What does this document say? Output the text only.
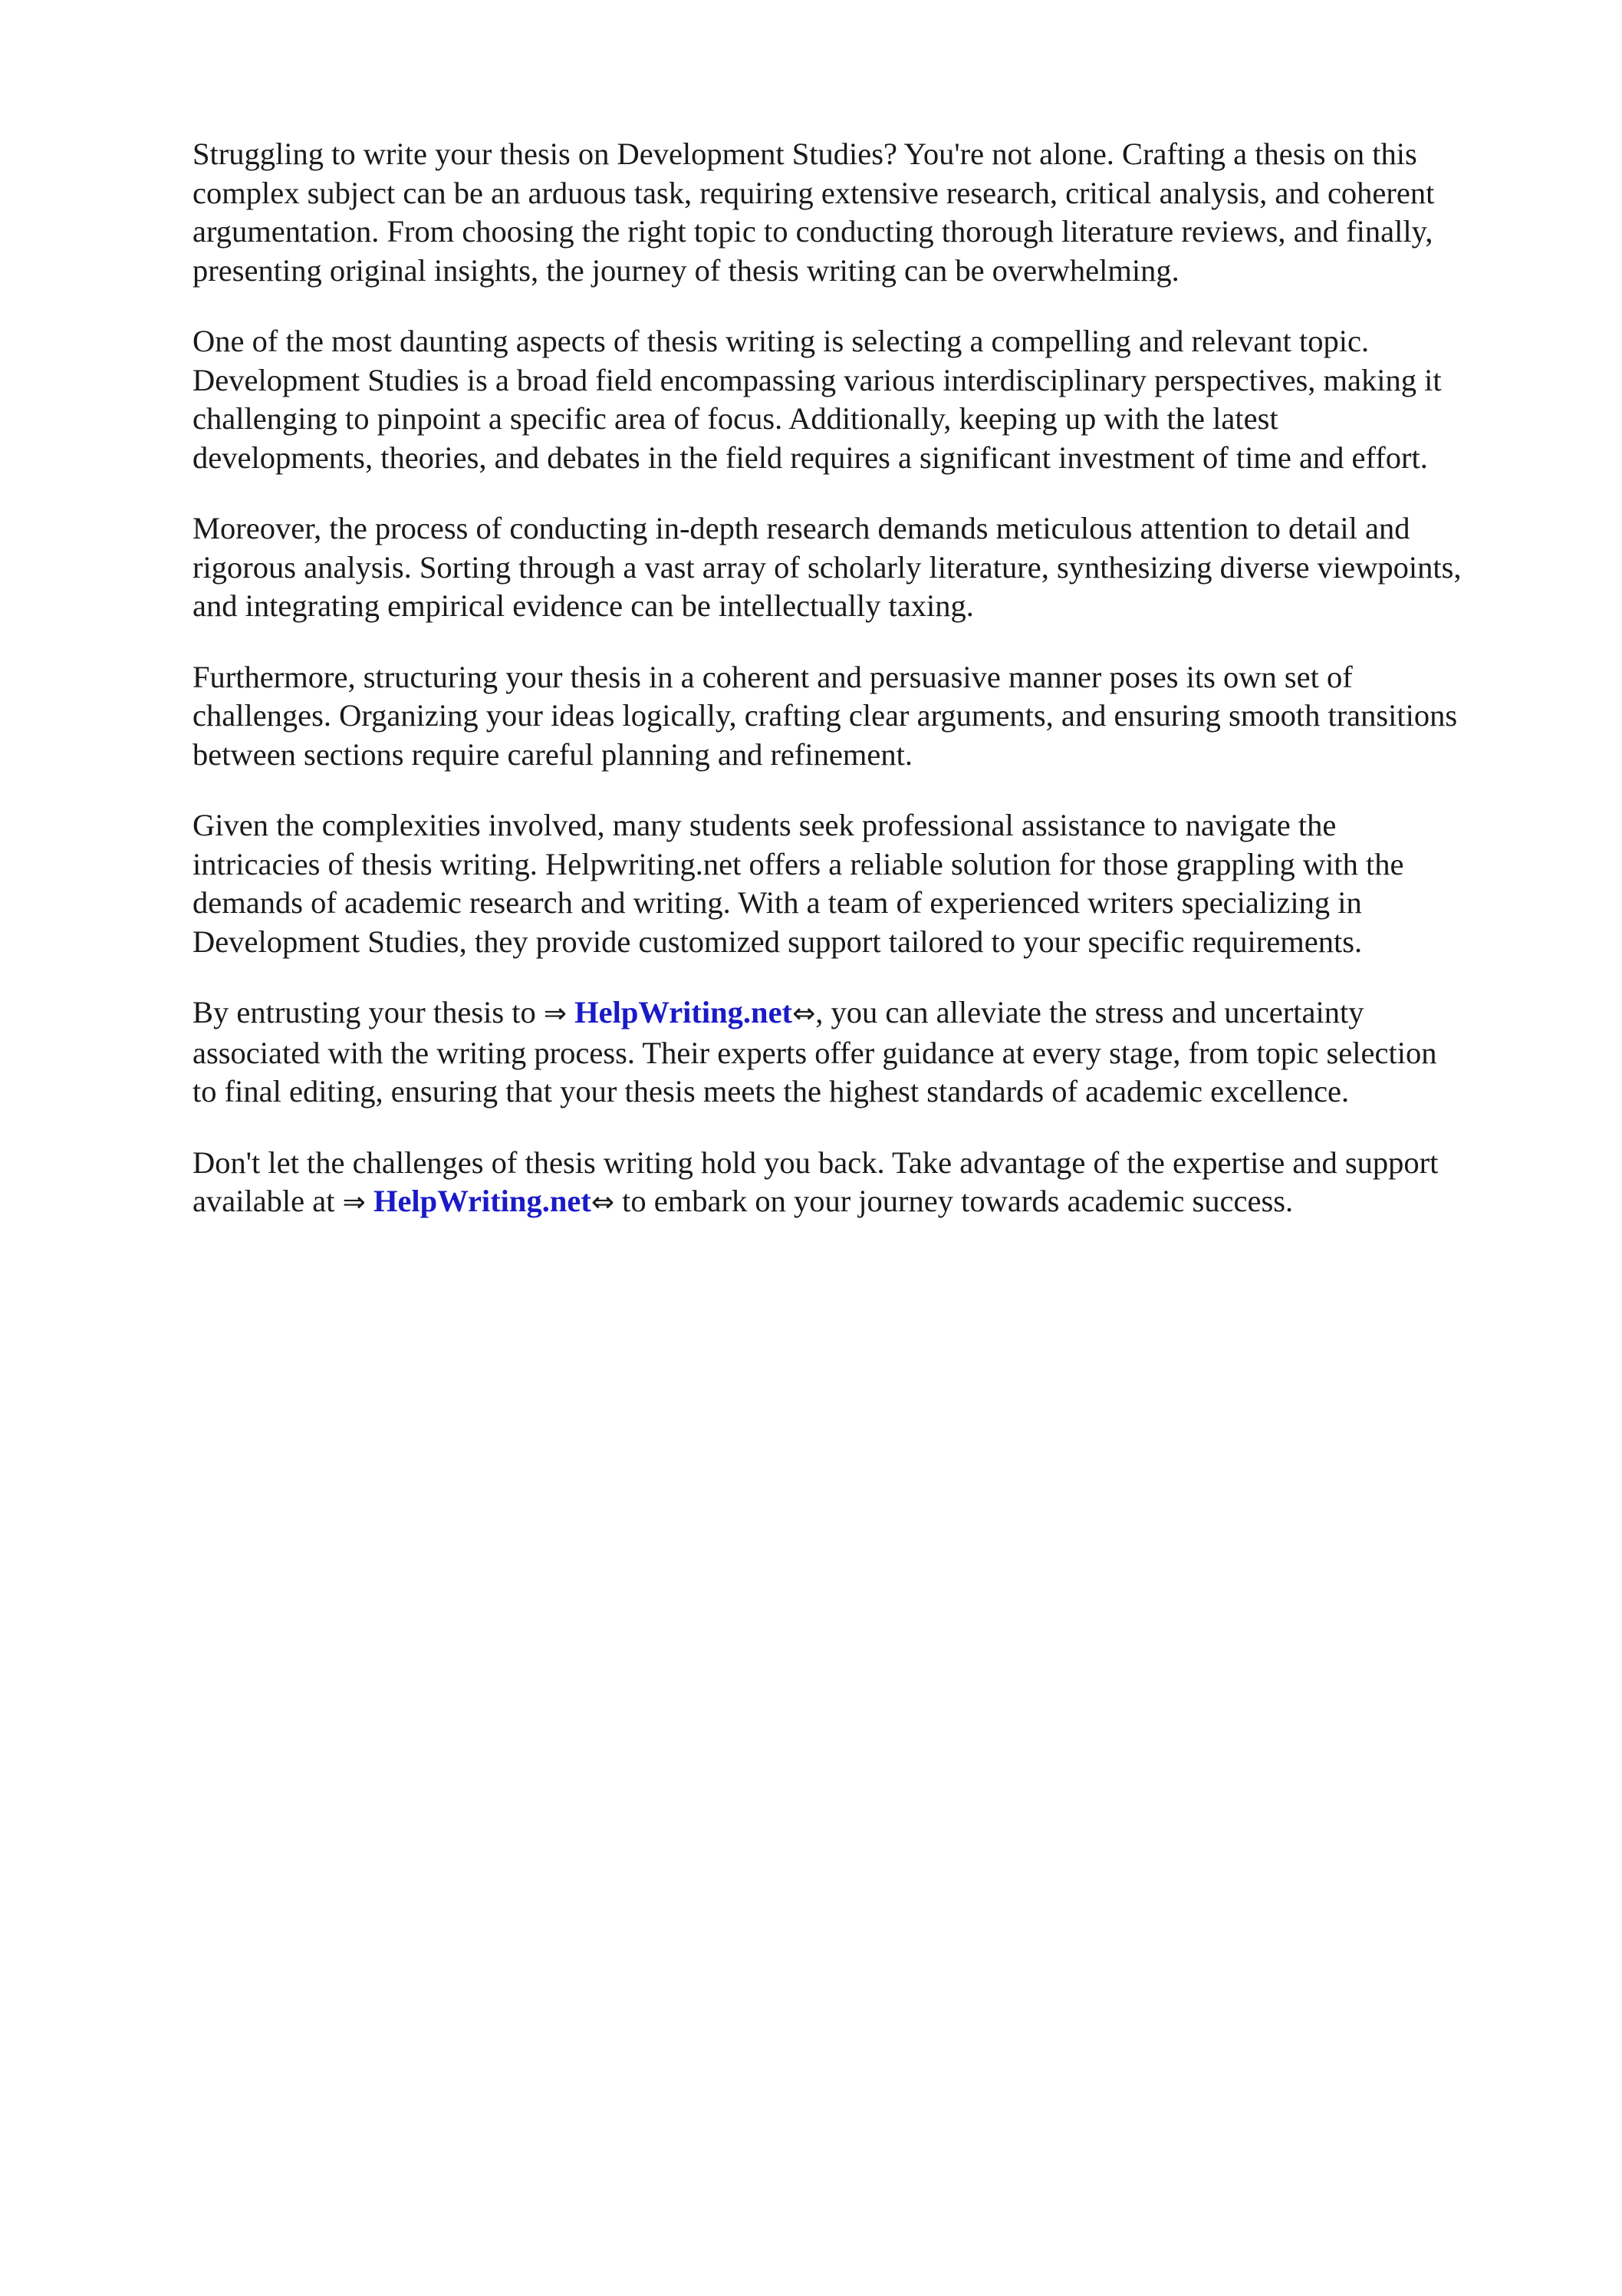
Struggling to write your thesis on Development Studies? You're not alone. Crafting a thesis on this
complex subject can be an arduous task, requiring extensive research, critical analysis, and coherent
argumentation. From choosing the right topic to conducting thorough literature reviews, and finally,
presenting original insights, the journey of thesis writing can be overwhelming.

One of the most daunting aspects of thesis writing is selecting a compelling and relevant topic.
Development Studies is a broad field encompassing various interdisciplinary perspectives, making it
challenging to pinpoint a specific area of focus. Additionally, keeping up with the latest
developments, theories, and debates in the field requires a significant investment of time and effort.

Moreover, the process of conducting in-depth research demands meticulous attention to detail and
rigorous analysis. Sorting through a vast array of scholarly literature, synthesizing diverse viewpoints,
and integrating empirical evidence can be intellectually taxing.

Furthermore, structuring your thesis in a coherent and persuasive manner poses its own set of
challenges. Organizing your ideas logically, crafting clear arguments, and ensuring smooth transitions
between sections require careful planning and refinement.

Given the complexities involved, many students seek professional assistance to navigate the
intricacies of thesis writing. Helpwriting.net offers a reliable solution for those grappling with the
demands of academic research and writing. With a team of experienced writers specializing in
Development Studies, they provide customized support tailored to your specific requirements.

By entrusting your thesis to ⇒ HelpWriting.net⇔, you can alleviate the stress and uncertainty
associated with the writing process. Their experts offer guidance at every stage, from topic selection
to final editing, ensuring that your thesis meets the highest standards of academic excellence.

Don't let the challenges of thesis writing hold you back. Take advantage of the expertise and support
available at ⇒ HelpWriting.net⇔ to embark on your journey towards academic success.
